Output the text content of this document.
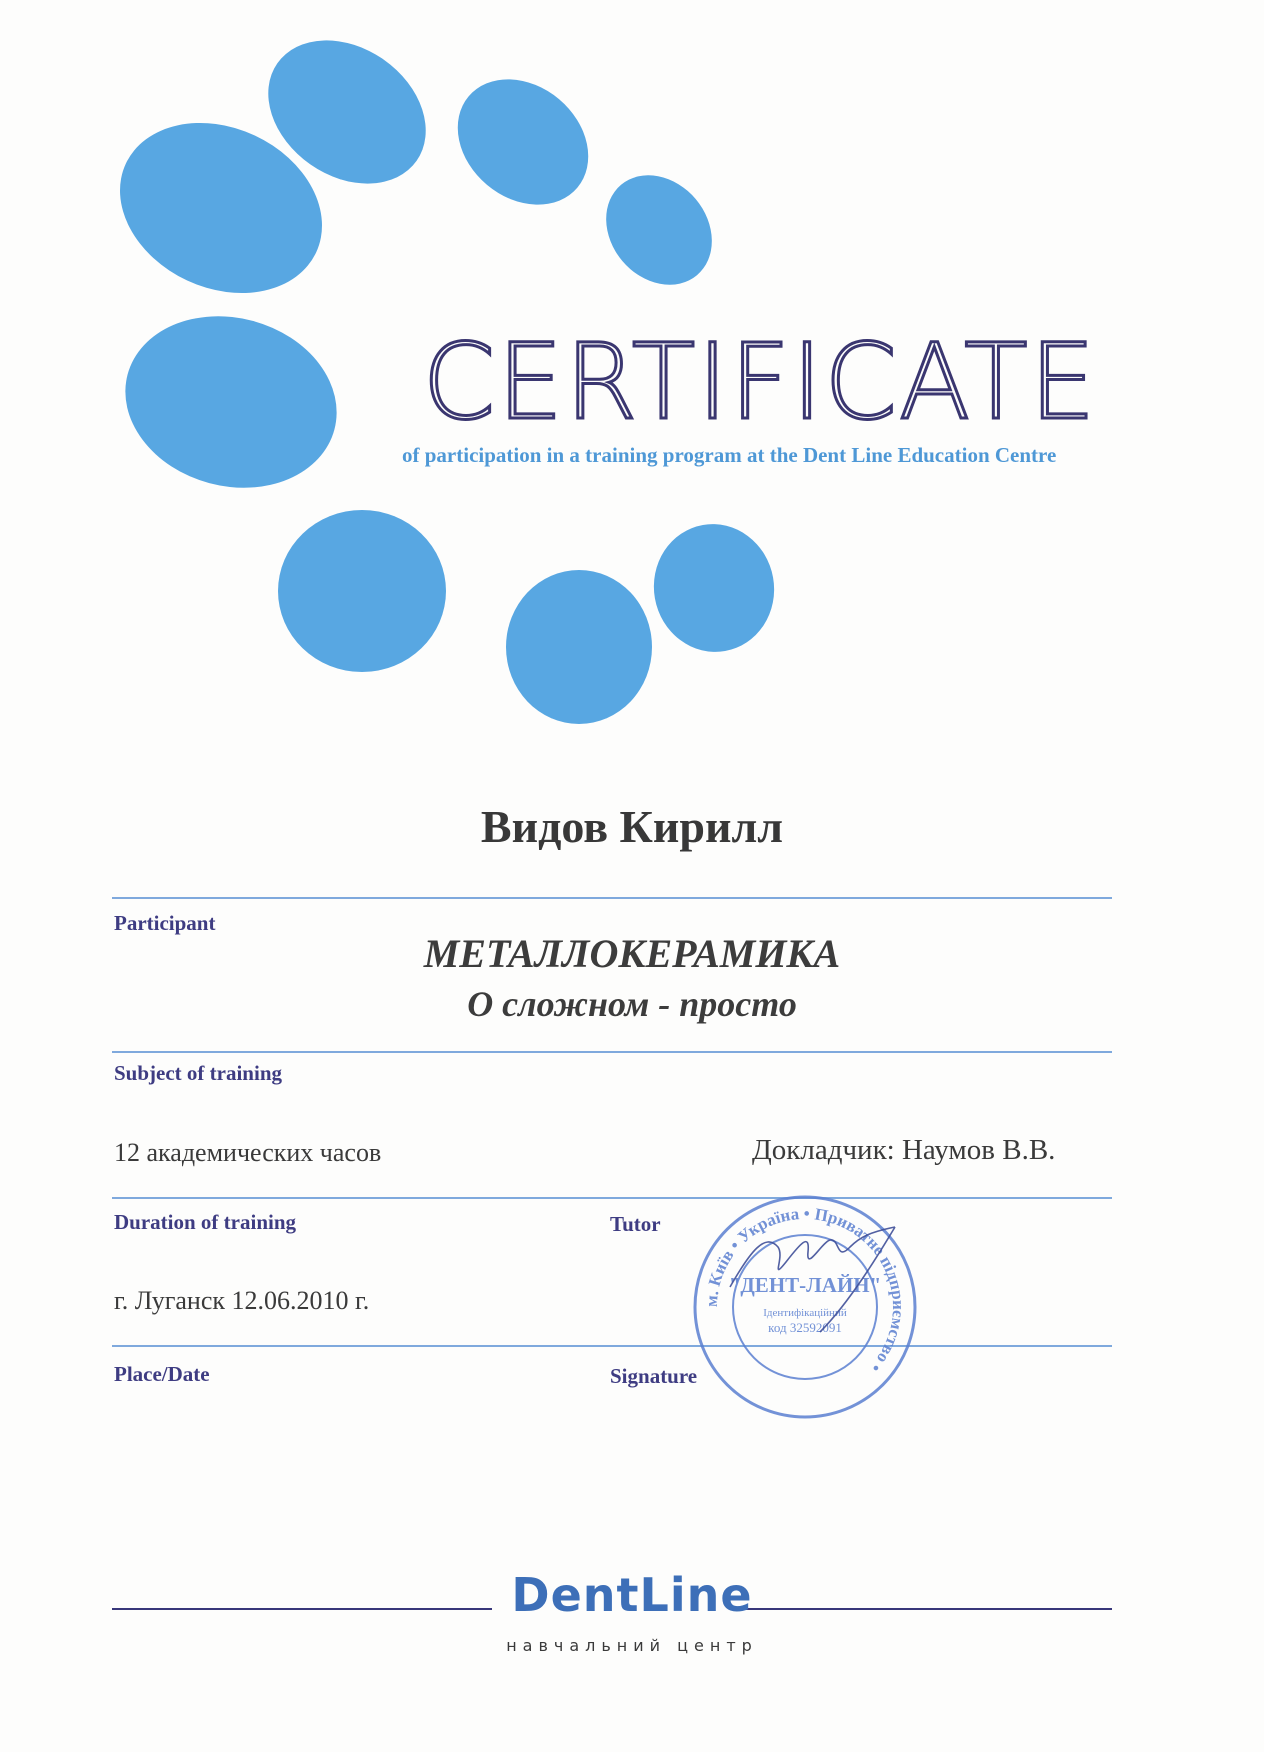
CERTIFICATE
of participation in a training program at the Dent Line Education Centre
Видов Кирилл
Participant
МЕТАЛЛОКЕРАМИКА
О сложном - просто
Subject of training
12 академических часов	Докладчик: Наумов В.В.
Duration of training	Tutor
г. Луганск 12.06.2010 г.
Place/Date	Signature
м. Київ • Україна • Приватне підприємство •
"ДЕНТ-ЛАЙН"
Ідентифікаційний
код 32592091
DentLine
навчальний центр
